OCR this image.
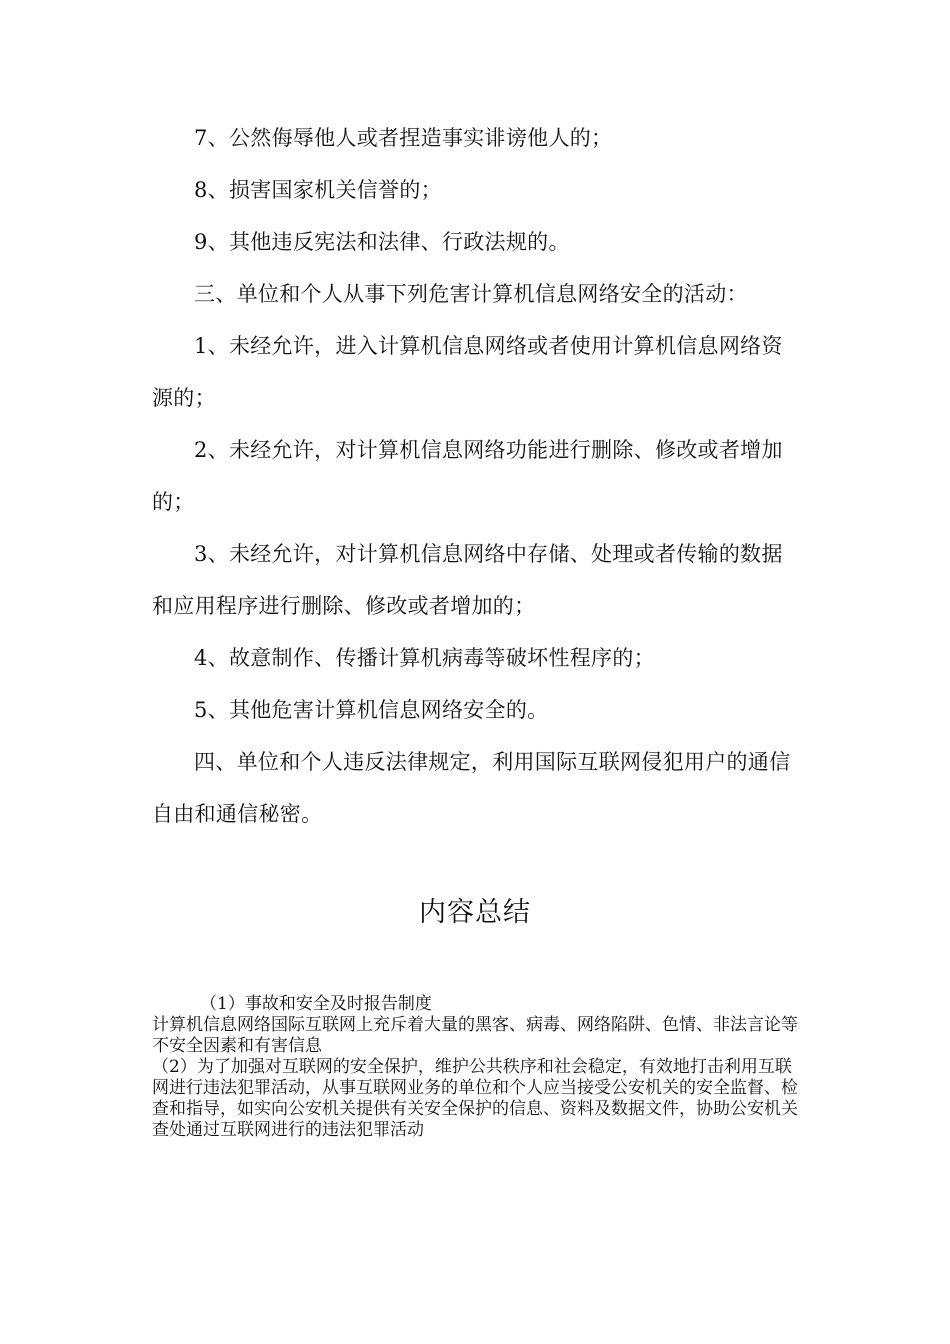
7、公然侮辱他人或者捏造事实诽谤他人的；

8、损害国家机关信誉的；

9、其他违反宪法和法律、行政法规的。

三、单位和个人从事下列危害计算机信息网络安全的活动：

1、未经允许，进入计算机信息网络或者使用计算机信息网络资源的；

2、未经允许，对计算机信息网络功能进行删除、修改或者增加的；

3、未经允许，对计算机信息网络中存储、处理或者传输的数据和应用程序进行删除、修改或者增加的；

4、故意制作、传播计算机病毒等破坏性程序的；

5、其他危害计算机信息网络安全的。

四、单位和个人违反法律规定，利用国际互联网侵犯用户的通信自由和通信秘密。

内容总结

（1）事故和安全及时报告制度

计算机信息网络国际互联网上充斥着大量的黑客、病毒、网络陷阱、色情、非法言论等不安全因素和有害信息

（2）为了加强对互联网的安全保护，维护公共秩序和社会稳定，有效地打击利用互联网进行违法犯罪活动，从事互联网业务的单位和个人应当接受公安机关的安全监督、检查和指导，如实向公安机关提供有关安全保护的信息、资料及数据文件，协助公安机关查处通过互联网进行的违法犯罪活动
